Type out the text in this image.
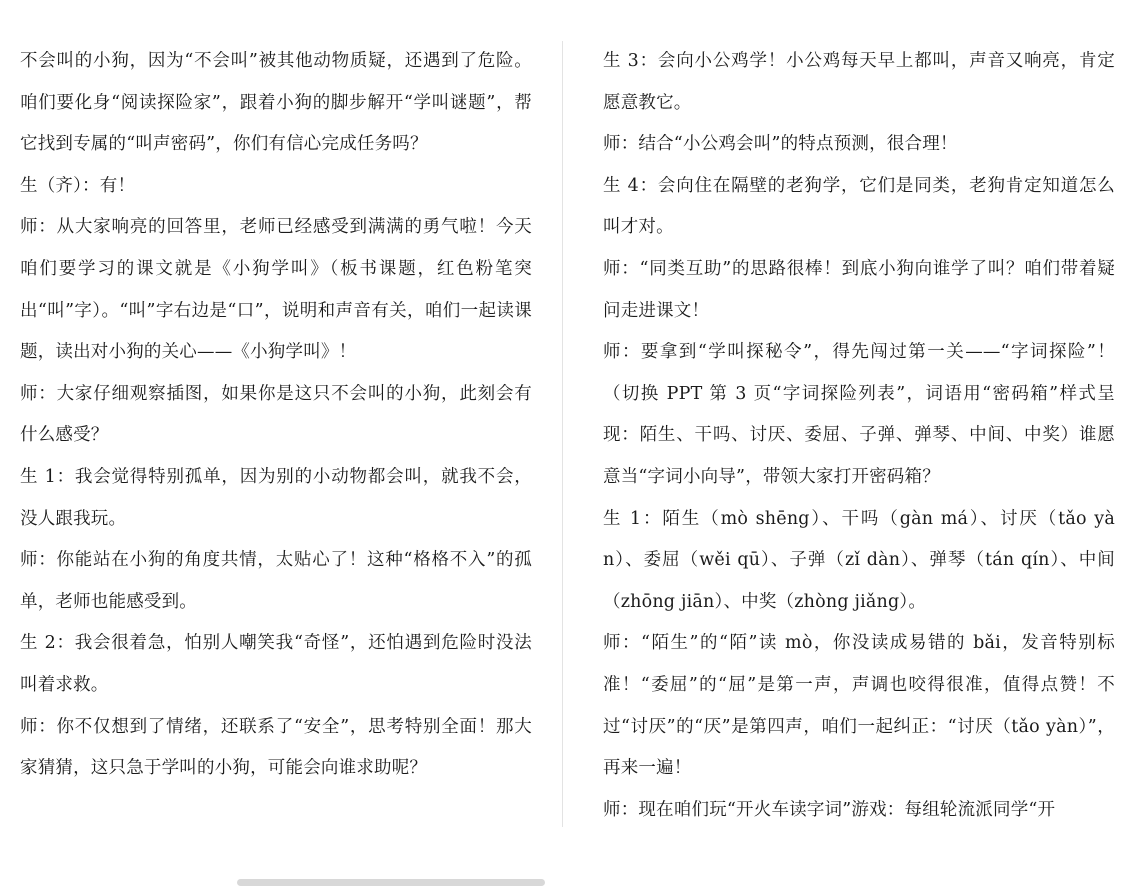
不会叫的小狗，因为“不会叫”被其他动物质疑，还遇到了危险。咱们要化身“阅读探险家”，跟着小狗的脚步解开“学叫谜题”，帮它找到专属的“叫声密码”，你们有信心完成任务吗？

生（齐）：有！

师：从大家响亮的回答里，老师已经感受到满满的勇气啦！今天咱们要学习的课文就是《小狗学叫》（板书课题，红色粉笔突出“叫”字）。“叫”字右边是“口”，说明和声音有关，咱们一起读课题，读出对小狗的关心——《小狗学叫》！

师：大家仔细观察插图，如果你是这只不会叫的小狗，此刻会有什么感受？

生 1：我会觉得特别孤单，因为别的小动物都会叫，就我不会，没人跟我玩。

师：你能站在小狗的角度共情，太贴心了！这种“格格不入”的孤单，老师也能感受到。

生 2：我会很着急，怕别人嘲笑我“奇怪”，还怕遇到危险时没法叫着求救。

师：你不仅想到了情绪，还联系了“安全”，思考特别全面！那大家猜猜，这只急于学叫的小狗，可能会向谁求助呢？

生 3：会向小公鸡学！小公鸡每天早上都叫，声音又响亮，肯定愿意教它。

师：结合“小公鸡会叫”的特点预测，很合理！

生 4：会向住在隔壁的老狗学，它们是同类，老狗肯定知道怎么叫才对。

师：“同类互助”的思路很棒！到底小狗向谁学了叫？咱们带着疑问走进课文！

师：要拿到“学叫探秘令”，得先闯过第一关——“字词探险”！（切换 PPT 第 3 页“字词探险列表”，词语用“密码箱”样式呈现：陌生、干吗、讨厌、委屈、子弹、弹琴、中间、中奖）谁愿意当“字词小向导”，带领大家打开密码箱？

生 1：陌生（mò shēng）、干吗（gàn má）、讨厌（tǎo yàn）、委屈（wěi qū）、子弹（zǐ dàn）、弹琴（tán qín）、中间（zhōng jiān）、中奖（zhòng jiǎng）。

师：“陌生”的“陌”读 mò，你没读成易错的 bǎi，发音特别标准！“委屈”的“屈”是第一声，声调也咬得很准，值得点赞！不过“讨厌”的“厌”是第四声，咱们一起纠正：“讨厌（tǎo yàn）”，再来一遍！

师：现在咱们玩“开火车读字词”游戏：每组轮流派同学“开
